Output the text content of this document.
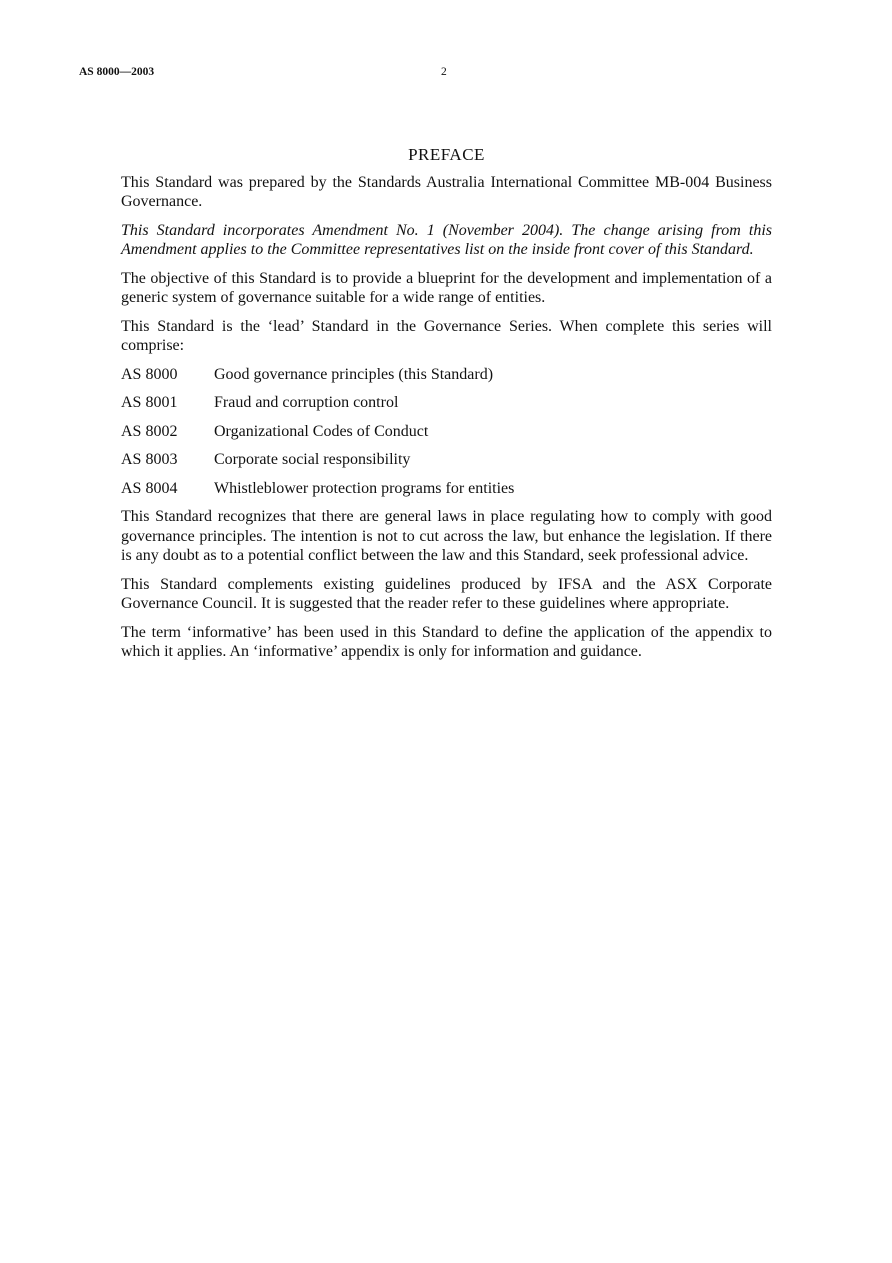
AS 8000—2003	2
PREFACE

This Standard was prepared by the Standards Australia International Committee MB-004 Business Governance.

This Standard incorporates Amendment No. 1 (November 2004). The change arising from this Amendment applies to the Committee representatives list on the inside front cover of this Standard.

The objective of this Standard is to provide a blueprint for the development and implementation of a generic system of governance suitable for a wide range of entities.

This Standard is the ‘lead’ Standard in the Governance Series. When complete this series will comprise:

AS 8000	Good governance principles (this Standard)
AS 8001	Fraud and corruption control
AS 8002	Organizational Codes of Conduct
AS 8003	Corporate social responsibility
AS 8004	Whistleblower protection programs for entities

This Standard recognizes that there are general laws in place regulating how to comply with good governance principles. The intention is not to cut across the law, but enhance the legislation. If there is any doubt as to a potential conflict between the law and this Standard, seek professional advice.

This Standard complements existing guidelines produced by IFSA and the ASX Corporate Governance Council. It is suggested that the reader refer to these guidelines where appropriate.

The term ‘informative’ has been used in this Standard to define the application of the appendix to which it applies. An ‘informative’ appendix is only for information and guidance.
